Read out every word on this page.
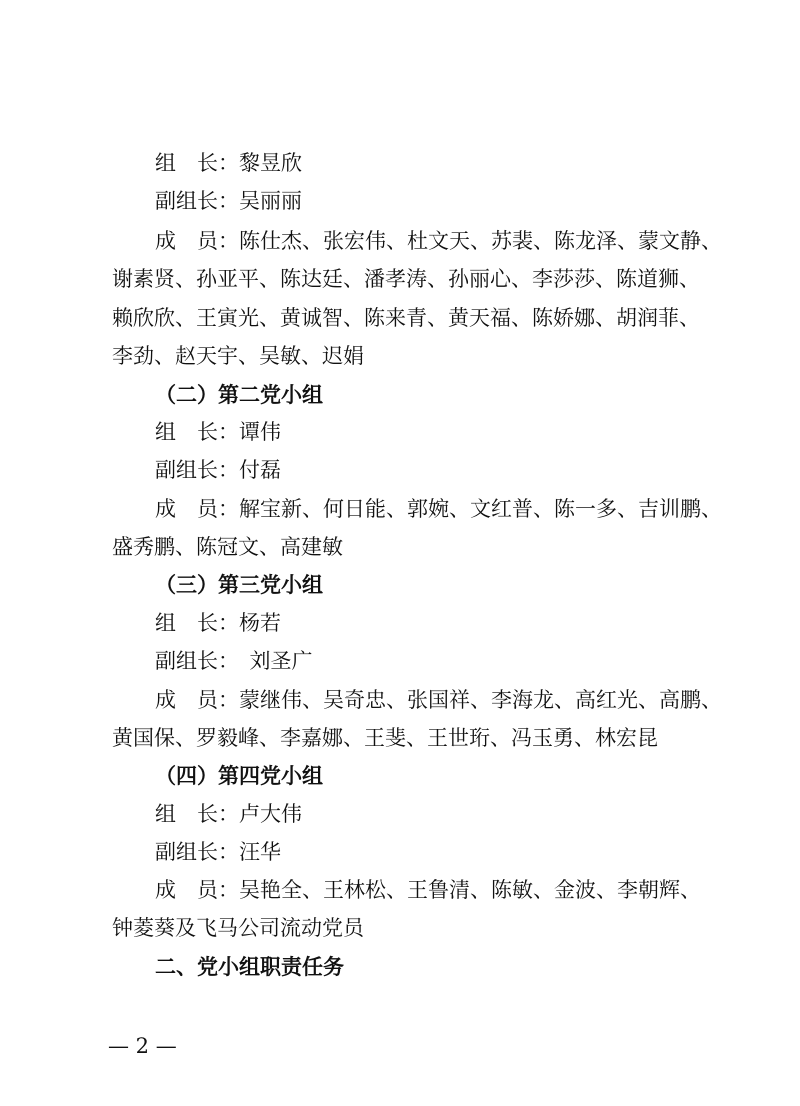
组　长：黎昱欣
副组长：吴丽丽
成　员：陈仕杰、张宏伟、杜文天、苏裴、陈龙泽、蒙文静、
谢素贤、孙亚平、陈达廷、潘孝涛、孙丽心、李莎莎、陈道狮、
赖欣欣、王寅光、黄诚智、陈来青、黄天福、陈娇娜、胡润菲、
李劲、赵天宇、吴敏、迟娟
（二）第二党小组
组　长：谭伟
副组长：付磊
成　员：解宝新、何日能、郭婉、文红普、陈一多、吉训鹏、
盛秀鹏、陈冠文、高建敏
（三）第三党小组
组　长：杨若
副组长：　刘圣广
成　员：蒙继伟、吴奇忠、张国祥、李海龙、高红光、高鹏、
黄国保、罗毅峰、李嘉娜、王斐、王世珩、冯玉勇、林宏昆
（四）第四党小组
组　长：卢大伟
副组长：汪华
成　员：吴艳全、王林松、王鲁清、陈敏、金波、李朝辉、
钟菱葵及飞马公司流动党员
二、党小组职责任务
— 2 —
